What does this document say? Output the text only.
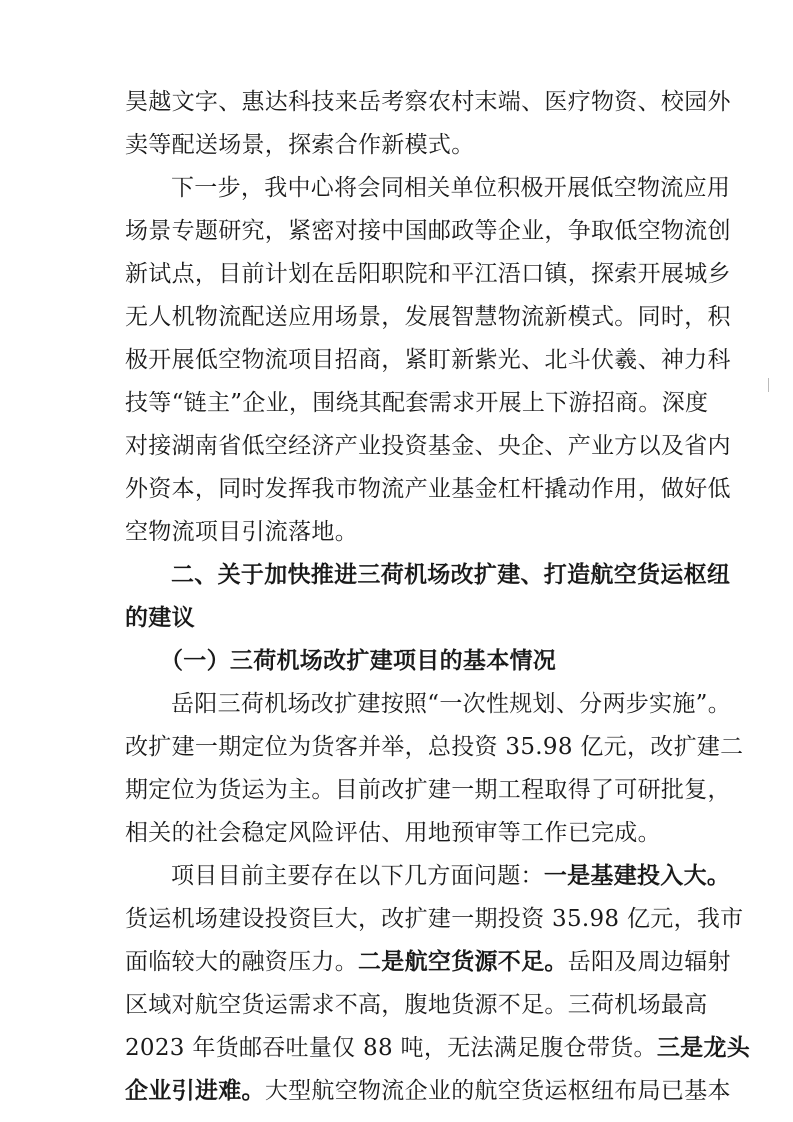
昊越文字、惠达科技来岳考察农村末端、医疗物资、校园外
卖等配送场景，探索合作新模式。
下一步，我中心将会同相关单位积极开展低空物流应用
场景专题研究，紧密对接中国邮政等企业，争取低空物流创
新试点，目前计划在岳阳职院和平江浯口镇，探索开展城乡
无人机物流配送应用场景，发展智慧物流新模式。同时，积
极开展低空物流项目招商，紧盯新紫光、北斗伏羲、神力科
技等“链主”企业，围绕其配套需求开展上下游招商。深度
对接湖南省低空经济产业投资基金、央企、产业方以及省内
外资本，同时发挥我市物流产业基金杠杆撬动作用，做好低
空物流项目引流落地。
二、关于加快推进三荷机场改扩建、打造航空货运枢纽
的建议
（一）三荷机场改扩建项目的基本情况
岳阳三荷机场改扩建按照“一次性规划、分两步实施”。
改扩建一期定位为货客并举，总投资 35.98 亿元，改扩建二
期定位为货运为主。目前改扩建一期工程取得了可研批复，
相关的社会稳定风险评估、用地预审等工作已完成。
项目目前主要存在以下几方面问题：一是基建投入大。
货运机场建设投资巨大，改扩建一期投资 35.98 亿元，我市
面临较大的融资压力。二是航空货源不足。岳阳及周边辐射
区域对航空货运需求不高，腹地货源不足。三荷机场最高
2023 年货邮吞吐量仅 88 吨，无法满足腹仓带货。三是龙头
企业引进难。大型航空物流企业的航空货运枢纽布局已基本
